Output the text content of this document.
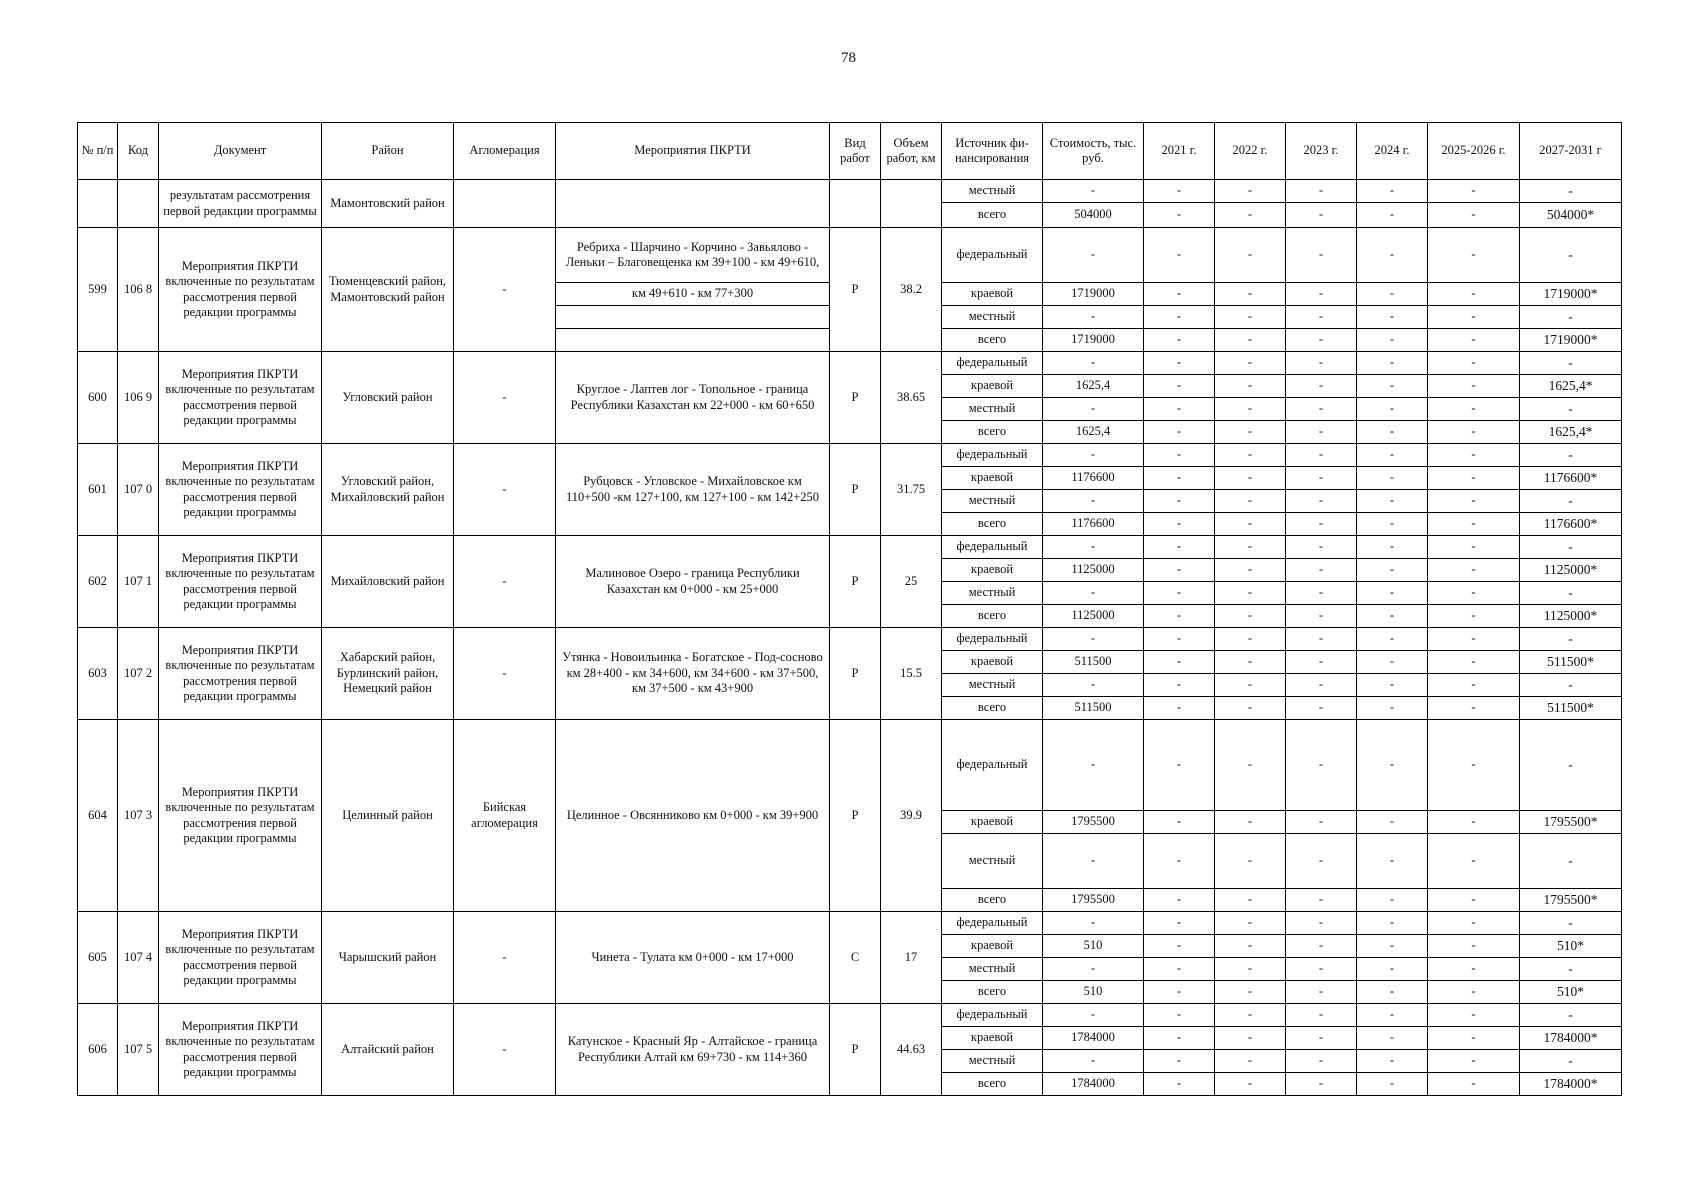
78
№ п/п	Код	Документ	Район	Агломерация	Мероприятия ПКРТИ	Вид работ	Объем работ, км	Источник фи-нансирования	Стоимость, тыс. руб.	2021 г.	2022 г.	2023 г.	2024 г.	2025-2026 г.	2027-2031 г
		результатам рассмотрения первой редакции программы	Мамонтовский район					местный	-	-	-	-	-	-	-
								всего	504000	-	-	-	-	-	504000*
599	106 8	Мероприятия ПКРТИ включенные по результатам рассмотрения первой редакции программы	Тюменцевский район, Мамонтовский район	-	Ребриха - Шарчино - Корчино - Завьялово - Леньки – Благовещенка км 39+100 - км 49+610,	Р	38.2	федеральный	-	-	-	-	-	-	-
					км 49+610 - км 77+300			краевой	1719000	-	-	-	-	-	1719000*
								местный	-	-	-	-	-	-	-
								всего	1719000	-	-	-	-	-	1719000*
600	106 9	Мероприятия ПКРТИ включенные по результатам рассмотрения первой редакции программы	Угловский район	-	Круглое - Лаптев лог - Топольное - граница Республики Казахстан км 22+000 - км 60+650	Р	38.65	федеральный	-	-	-	-	-	-	-
								краевой	1625,4	-	-	-	-	-	1625,4*
								местный	-	-	-	-	-	-	-
								всего	1625,4	-	-	-	-	-	1625,4*
601	107 0	Мероприятия ПКРТИ включенные по результатам рассмотрения первой редакции программы	Угловский район, Михайловский район	-	Рубцовск - Угловское - Михайловское км 110+500 -км 127+100, км 127+100 - км 142+250	Р	31.75	федеральный	-	-	-	-	-	-	-
								краевой	1176600	-	-	-	-	-	1176600*
								местный	-	-	-	-	-	-	-
								всего	1176600	-	-	-	-	-	1176600*
602	107 1	Мероприятия ПКРТИ включенные по результатам рассмотрения первой редакции программы	Михайловский район	-	Малиновое Озеро - граница Республики Казахстан км 0+000 - км 25+000	Р	25	федеральный	-	-	-	-	-	-	-
								краевой	1125000	-	-	-	-	-	1125000*
								местный	-	-	-	-	-	-	-
								всего	1125000	-	-	-	-	-	1125000*
603	107 2	Мероприятия ПКРТИ включенные по результатам рассмотрения первой редакции программы	Хабарский район, Бурлинский район, Немецкий район	-	Утянка - Новоильинка - Богатское - Под-сосново км 28+400 - км 34+600, км 34+600 - км 37+500, км 37+500 - км 43+900	Р	15.5	федеральный	-	-	-	-	-	-	-
								краевой	511500	-	-	-	-	-	511500*
								местный	-	-	-	-	-	-	-
								всего	511500	-	-	-	-	-	511500*
604	107 3	Мероприятия ПКРТИ включенные по результатам рассмотрения первой редакции программы	Целинный район	Бийская агломерация	Целинное - Овсянниково км 0+000 - км 39+900	Р	39.9	федеральный	-	-	-	-	-	-	-
								краевой	1795500	-	-	-	-	-	1795500*
								местный	-	-	-	-	-	-	-
								всего	1795500	-	-	-	-	-	1795500*
605	107 4	Мероприятия ПКРТИ включенные по результатам рассмотрения первой редакции программы	Чарышский район	-	Чинета - Тулата км 0+000 - км 17+000	С	17	федеральный	-	-	-	-	-	-	-
								краевой	510	-	-	-	-	-	510*
								местный	-	-	-	-	-	-	-
								всего	510	-	-	-	-	-	510*
606	107 5	Мероприятия ПКРТИ включенные по результатам рассмотрения первой редакции программы	Алтайский район	-	Катунское - Красный Яр - Алтайское - граница Республики Алтай км 69+730 - км 114+360	Р	44.63	федеральный	-	-	-	-	-	-	-
								краевой	1784000	-	-	-	-	-	1784000*
								местный	-	-	-	-	-	-	-
								всего	1784000	-	-	-	-	-	1784000*
